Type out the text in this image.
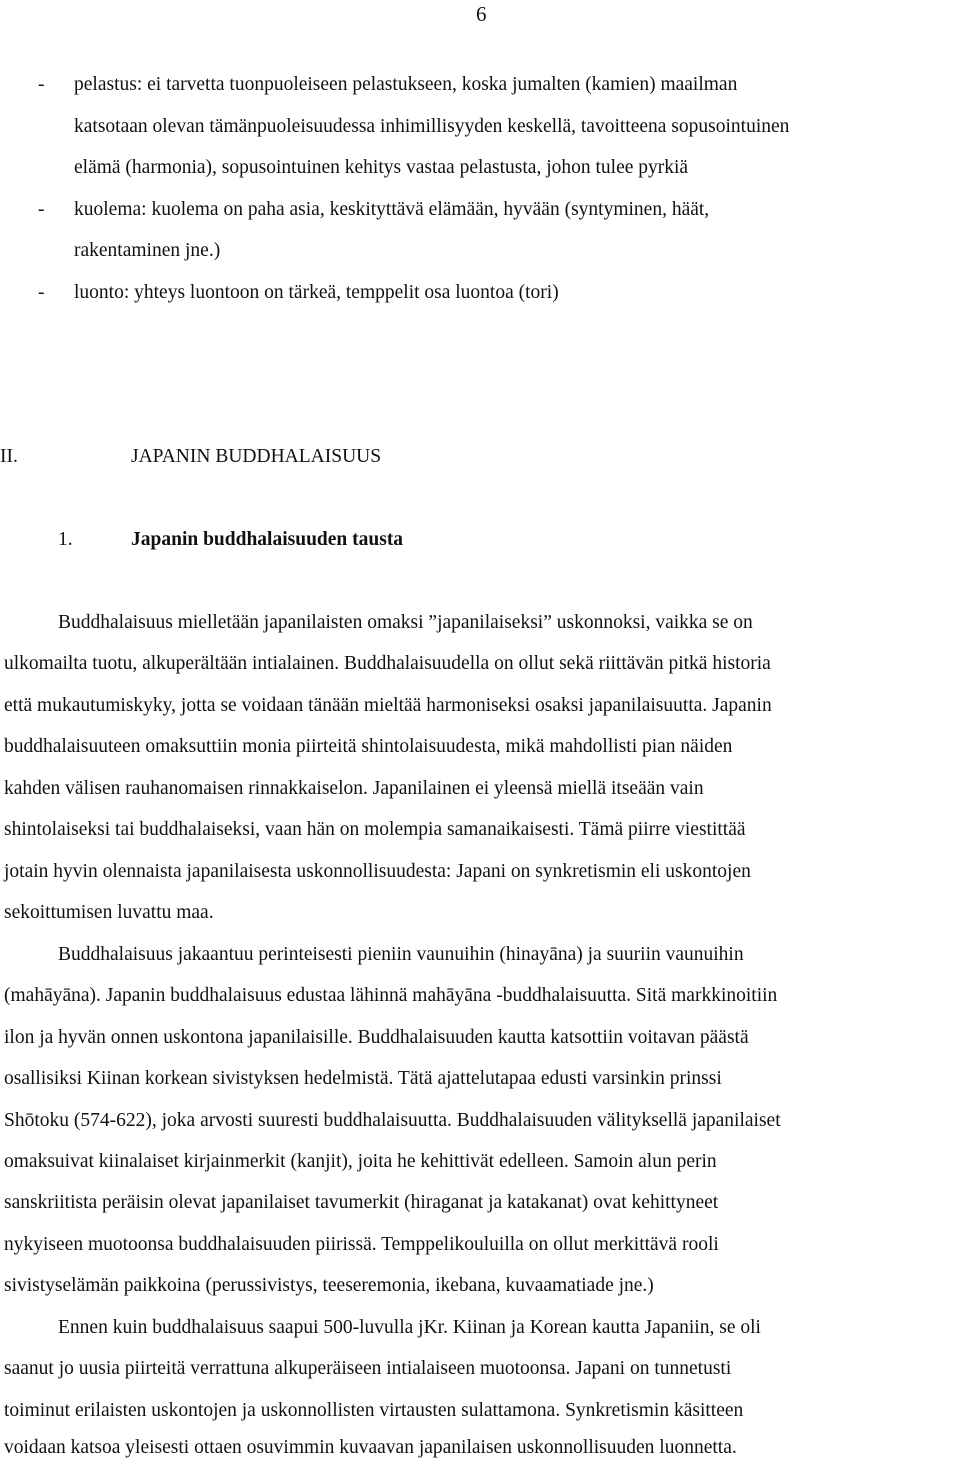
6
- pelastus: ei tarvetta tuonpuoleiseen pelastukseen, koska jumalten (kamien) maailman
katsotaan olevan tämänpuoleisuudessa inhimillisyyden keskellä, tavoitteena sopusointuinen
elämä (harmonia), sopusointuinen kehitys vastaa pelastusta, johon tulee pyrkiä
- kuolema: kuolema on paha asia, keskityttävä elämään, hyvään (syntyminen, häät,
rakentaminen jne.)
- luonto: yhteys luontoon on tärkeä, temppelit osa luontoa (tori)
II.	JAPANIN BUDDHALAISUUS
1.	Japanin buddhalaisuuden tausta
Buddhalaisuus mielletään japanilaisten omaksi ”japanilaiseksi” uskonnoksi, vaikka se on
ulkomailta tuotu, alkuperältään intialainen. Buddhalaisuudella on ollut sekä riittävän pitkä historia
että mukautumiskyky, jotta se voidaan tänään mieltää harmoniseksi osaksi japanilaisuutta. Japanin
buddhalaisuuteen omaksuttiin monia piirteitä shintolaisuudesta, mikä mahdollisti pian näiden
kahden välisen rauhanomaisen rinnakkaiselon. Japanilainen ei yleensä miellä itseään vain
shintolaiseksi tai buddhalaiseksi, vaan hän on molempia samanaikaisesti. Tämä piirre viestittää
jotain hyvin olennaista japanilaisesta uskonnollisuudesta: Japani on synkretismin eli uskontojen
sekoittumisen luvattu maa.
Buddhalaisuus jakaantuu perinteisesti pieniin vaunuihin (hinayāna) ja suuriin vaunuihin
(mahāyāna). Japanin buddhalaisuus edustaa lähinnä mahāyāna -buddhalaisuutta. Sitä markkinoitiin
ilon ja hyvän onnen uskontona japanilaisille. Buddhalaisuuden kautta katsottiin voitavan päästä
osallisiksi Kiinan korkean sivistyksen hedelmistä. Tätä ajattelutapaa edusti varsinkin prinssi
Shōtoku (574-622), joka arvosti suuresti buddhalaisuutta. Buddhalaisuuden välityksellä japanilaiset
omaksuivat kiinalaiset kirjainmerkit (kanjit), joita he kehittivät edelleen. Samoin alun perin
sanskriitista peräisin olevat japanilaiset tavumerkit (hiraganat ja katakanat) ovat kehittyneet
nykyiseen muotoonsa buddhalaisuuden piirissä. Temppelikouluilla on ollut merkittävä rooli
sivistyselämän paikkoina (perussivistys, teeseremonia, ikebana, kuvaamatiade jne.)
Ennen kuin buddhalaisuus saapui 500-luvulla jKr. Kiinan ja Korean kautta Japaniin, se oli
saanut jo uusia piirteitä verrattuna alkuperäiseen intialaiseen muotoonsa. Japani on tunnetusti
toiminut erilaisten uskontojen ja uskonnollisten virtausten sulattamona. Synkretismin käsitteen
voidaan katsoa yleisesti ottaen osuvimmin kuvaavan japanilaisen uskonnollisuuden luonnetta.
